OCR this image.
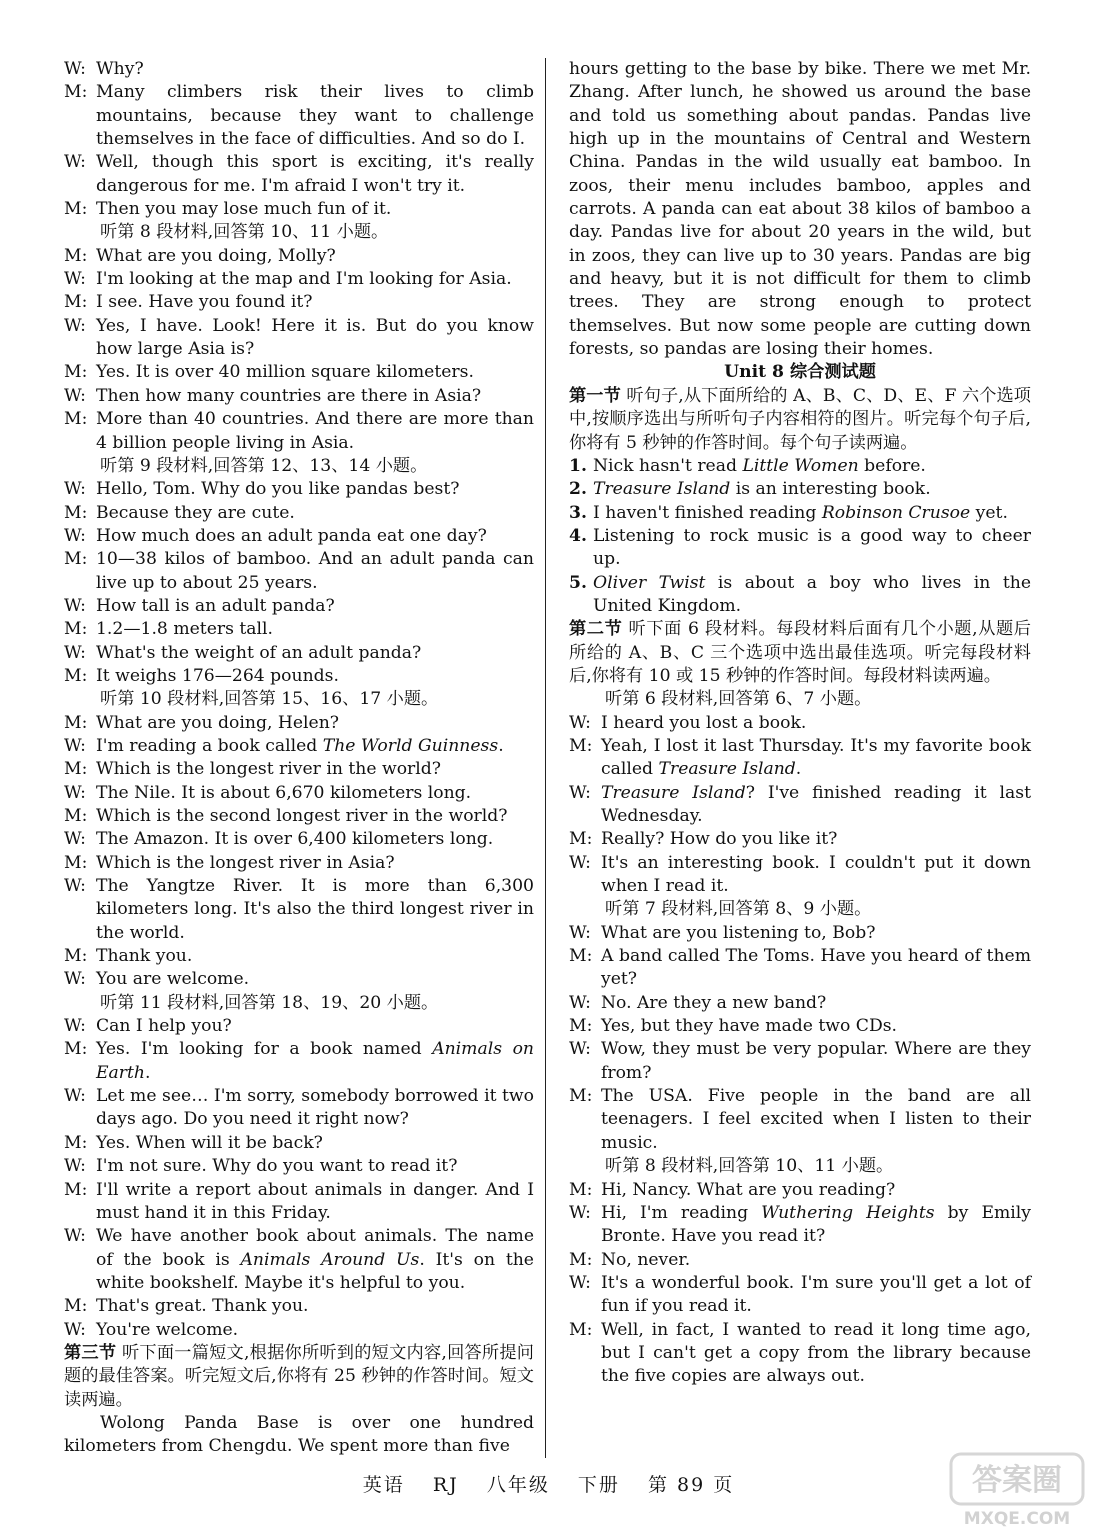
W: Why?
M: Many climbers risk their lives to climb mountains, because they want to challenge themselves in the face of difficulties. And so do I.
W: Well, though this sport is exciting, it's really dangerous for me. I'm afraid I won't try it.
M: Then you may lose much fun of it.
听第 8 段材料,回答第 10、11 小题。
M: What are you doing, Molly?
W: I'm looking at the map and I'm looking for Asia.
M: I see. Have you found it?
W: Yes, I have. Look! Here it is. But do you know how large Asia is?
M: Yes. It is over 40 million square kilometers.
W: Then how many countries are there in Asia?
M: More than 40 countries. And there are more than 4 billion people living in Asia.
听第 9 段材料,回答第 12、13、14 小题。
W: Hello, Tom. Why do you like pandas best?
M: Because they are cute.
W: How much does an adult panda eat one day?
M: 10—38 kilos of bamboo. And an adult panda can live up to about 25 years.
W: How tall is an adult panda?
M: 1.2—1.8 meters tall.
W: What's the weight of an adult panda?
M: It weighs 176—264 pounds.
听第 10 段材料,回答第 15、16、17 小题。
M: What are you doing, Helen?
W: I'm reading a book called The World Guinness.
M: Which is the longest river in the world?
W: The Nile. It is about 6,670 kilometers long.
M: Which is the second longest river in the world?
W: The Amazon. It is over 6,400 kilometers long.
M: Which is the longest river in Asia?
W: The Yangtze River. It is more than 6,300 kilometers long. It's also the third longest river in the world.
M: Thank you.
W: You are welcome.
听第 11 段材料,回答第 18、19、20 小题。
W: Can I help you?
M: Yes. I'm looking for a book named Animals on Earth.
W: Let me see… I'm sorry, somebody borrowed it two days ago. Do you need it right now?
M: Yes. When will it be back?
W: I'm not sure. Why do you want to read it?
M: I'll write a report about animals in danger. And I must hand it in this Friday.
W: We have another book about animals. The name of the book is Animals Around Us. It's on the white bookshelf. Maybe it's helpful to you.
M: That's great. Thank you.
W: You're welcome.
第三节 听下面一篇短文,根据你所听到的短文内容,回答所提问题的最佳答案。听完短文后,你将有 25 秒钟的作答时间。短文读两遍。
Wolong Panda Base is over one hundred kilometers from Chengdu. We spent more than five
hours getting to the base by bike. There we met Mr. Zhang. After lunch, he showed us around the base and told us something about pandas. Pandas live high up in the mountains of Central and Western China. Pandas in the wild usually eat bamboo. In zoos, their menu includes bamboo, apples and carrots. A panda can eat about 38 kilos of bamboo a day. Pandas live for about 20 years in the wild, but in zoos, they can live up to 30 years. Pandas are big and heavy, but it is not difficult for them to climb trees. They are strong enough to protect themselves. But now some people are cutting down forests, so pandas are losing their homes.
Unit 8 综合测试题
第一节 听句子,从下面所给的 A、B、C、D、E、F 六个选项中,按顺序选出与所听句子内容相符的图片。听完每个句子后,你将有 5 秒钟的作答时间。每个句子读两遍。
1. Nick hasn't read Little Women before.
2. Treasure Island is an interesting book.
3. I haven't finished reading Robinson Crusoe yet.
4. Listening to rock music is a good way to cheer up.
5. Oliver Twist is about a boy who lives in the United Kingdom.
第二节 听下面 6 段材料。每段材料后面有几个小题,从题后所给的 A、B、C 三个选项中选出最佳选项。听完每段材料后,你将有 10 或 15 秒钟的作答时间。每段材料读两遍。
听第 6 段材料,回答第 6、7 小题。
W: I heard you lost a book.
M: Yeah, I lost it last Thursday. It's my favorite book called Treasure Island.
W: Treasure Island? I've finished reading it last Wednesday.
M: Really? How do you like it?
W: It's an interesting book. I couldn't put it down when I read it.
听第 7 段材料,回答第 8、9 小题。
W: What are you listening to, Bob?
M: A band called The Toms. Have you heard of them yet?
W: No. Are they a new band?
M: Yes, but they have made two CDs.
W: Wow, they must be very popular. Where are they from?
M: The USA. Five people in the band are all teenagers. I feel excited when I listen to their music.
听第 8 段材料,回答第 10、11 小题。
M: Hi, Nancy. What are you reading?
W: Hi, I'm reading Wuthering Heights by Emily Bronte. Have you read it?
M: No, never.
W: It's a wonderful book. I'm sure you'll get a lot of fun if you read it.
M: Well, in fact, I wanted to read it long time ago, but I can't get a copy from the library because the five copies are always out.
英语 RJ 八年级 下册 第 89 页	答案圈
MXQE.COM
